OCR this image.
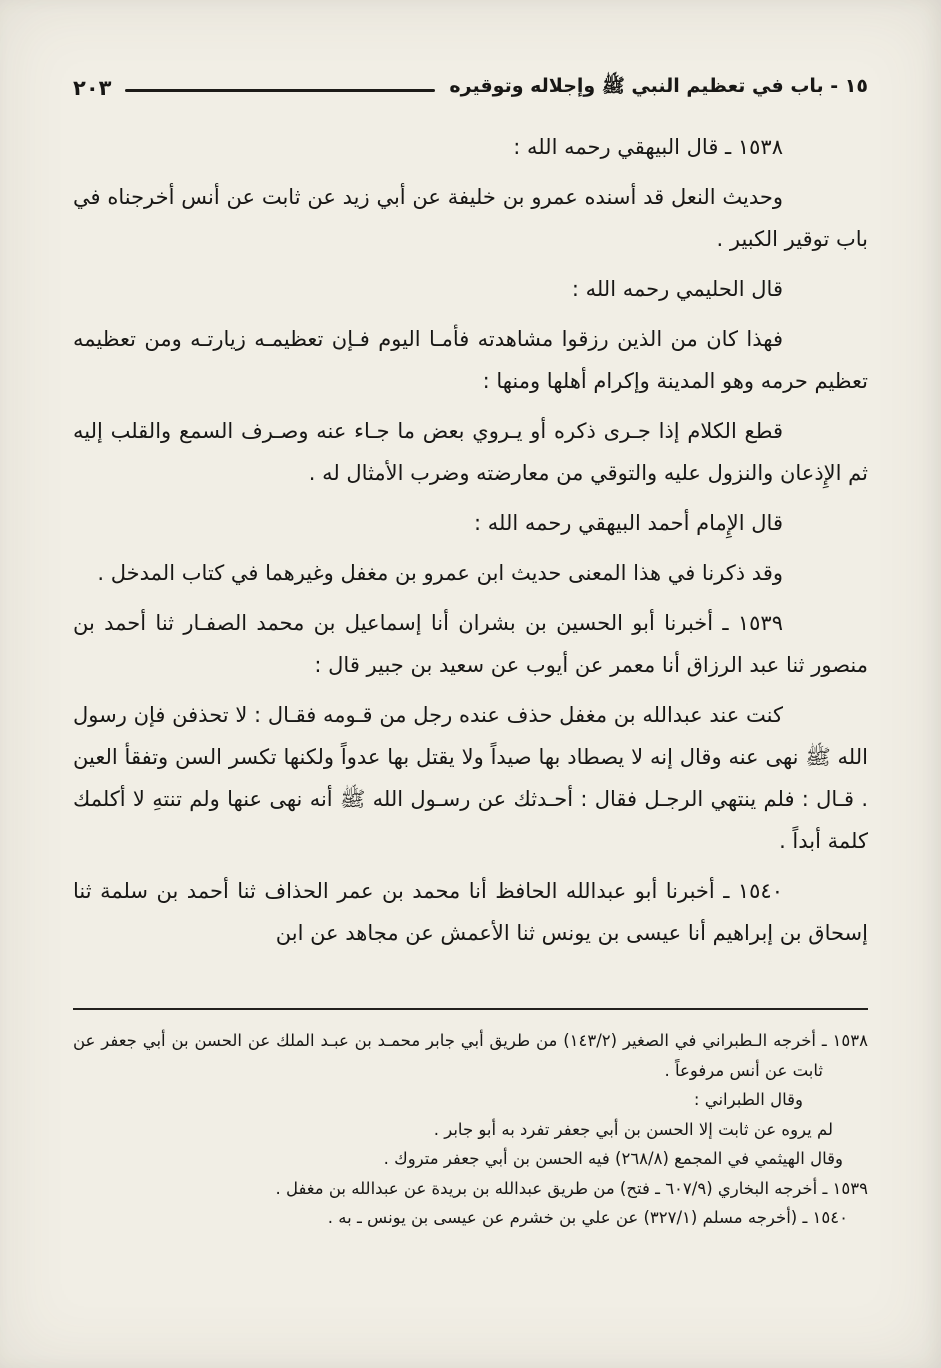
١٥ - باب في تعظيم النبي ﷺ وإجلاله وتوقيره
٢٠٣

١٥٣٨ ـ قال البيهقي رحمه الله :

وحديث النعل قد أسنده عمرو بن خليفة عن أبي زيد عن ثابت عن أنس أخرجناه في باب توقير الكبير .

قال الحليمي رحمه الله :

فهذا كان من الذين رزقوا مشاهدته فأمـا اليوم فـإن تعظيمـه زيارتـه ومن تعظيمه تعظيم حرمه وهو المدينة وإكرام أهلها ومنها :

قطع الكلام إذا جـرى ذكره أو يـروي بعض ما جـاء عنه وصـرف السمع والقلب إليه ثم الإِذعان والنزول عليه والتوقي من معارضته وضرب الأمثال له .

قال الإِمام أحمد البيهقي رحمه الله :

وقد ذكرنا في هذا المعنى حديث ابن عمرو بن مغفل وغيرهما في كتاب المدخل .

١٥٣٩ ـ أخبرنا أبو الحسين بن بشران أنا إسماعيل بن محمد الصفـار ثنا أحمد بن منصور ثنا عبد الرزاق أنا معمر عن أيوب عن سعيد بن جبير قال :

كنت عند عبدالله بن مغفل حذف عنده رجل من قـومه فقـال : لا تحذفن فإن رسول الله ﷺ نهى عنه وقال إنه لا يصطاد بها صيداً ولا يقتل بها عدواً ولكنها تكسر السن وتفقأ العين . قـال : فلم ينتهي الرجـل فقال : أحـدثك عن رسـول الله ﷺ أنه نهى عنها ولم تنتهِ لا أكلمك كلمة أبداً .

١٥٤٠ ـ أخبرنا أبو عبدالله الحافظ أنا محمد بن عمر الحذاف ثنا أحمد بن سلمة ثنا إسحاق بن إبراهيم أنا عيسى بن يونس ثنا الأعمش عن مجاهد عن ابن

١٥٣٨ ـ أخرجه الـطبراني في الصغير (١٤٣/٢) من طريق أبي جابر محمـد بن عبـد الملك عن الحسن بن أبي جعفر عن ثابت عن أنس مرفوعاً .

وقال الطبراني :

لم يروه عن ثابت إلا الحسن بن أبي جعفر تفرد به أبو جابر .

وقال الهيثمي في المجمع (٢٦٨/٨) فيه الحسن بن أبي جعفر متروك .

١٥٣٩ ـ أخرجه البخاري (٦٠٧/٩ ـ فتح) من طريق عبدالله بن بريدة عن عبدالله بن مغفل .

١٥٤٠ ـ (أخرجه مسلم (٣٢٧/١) عن علي بن خشرم عن عيسى بن يونس ـ به .
